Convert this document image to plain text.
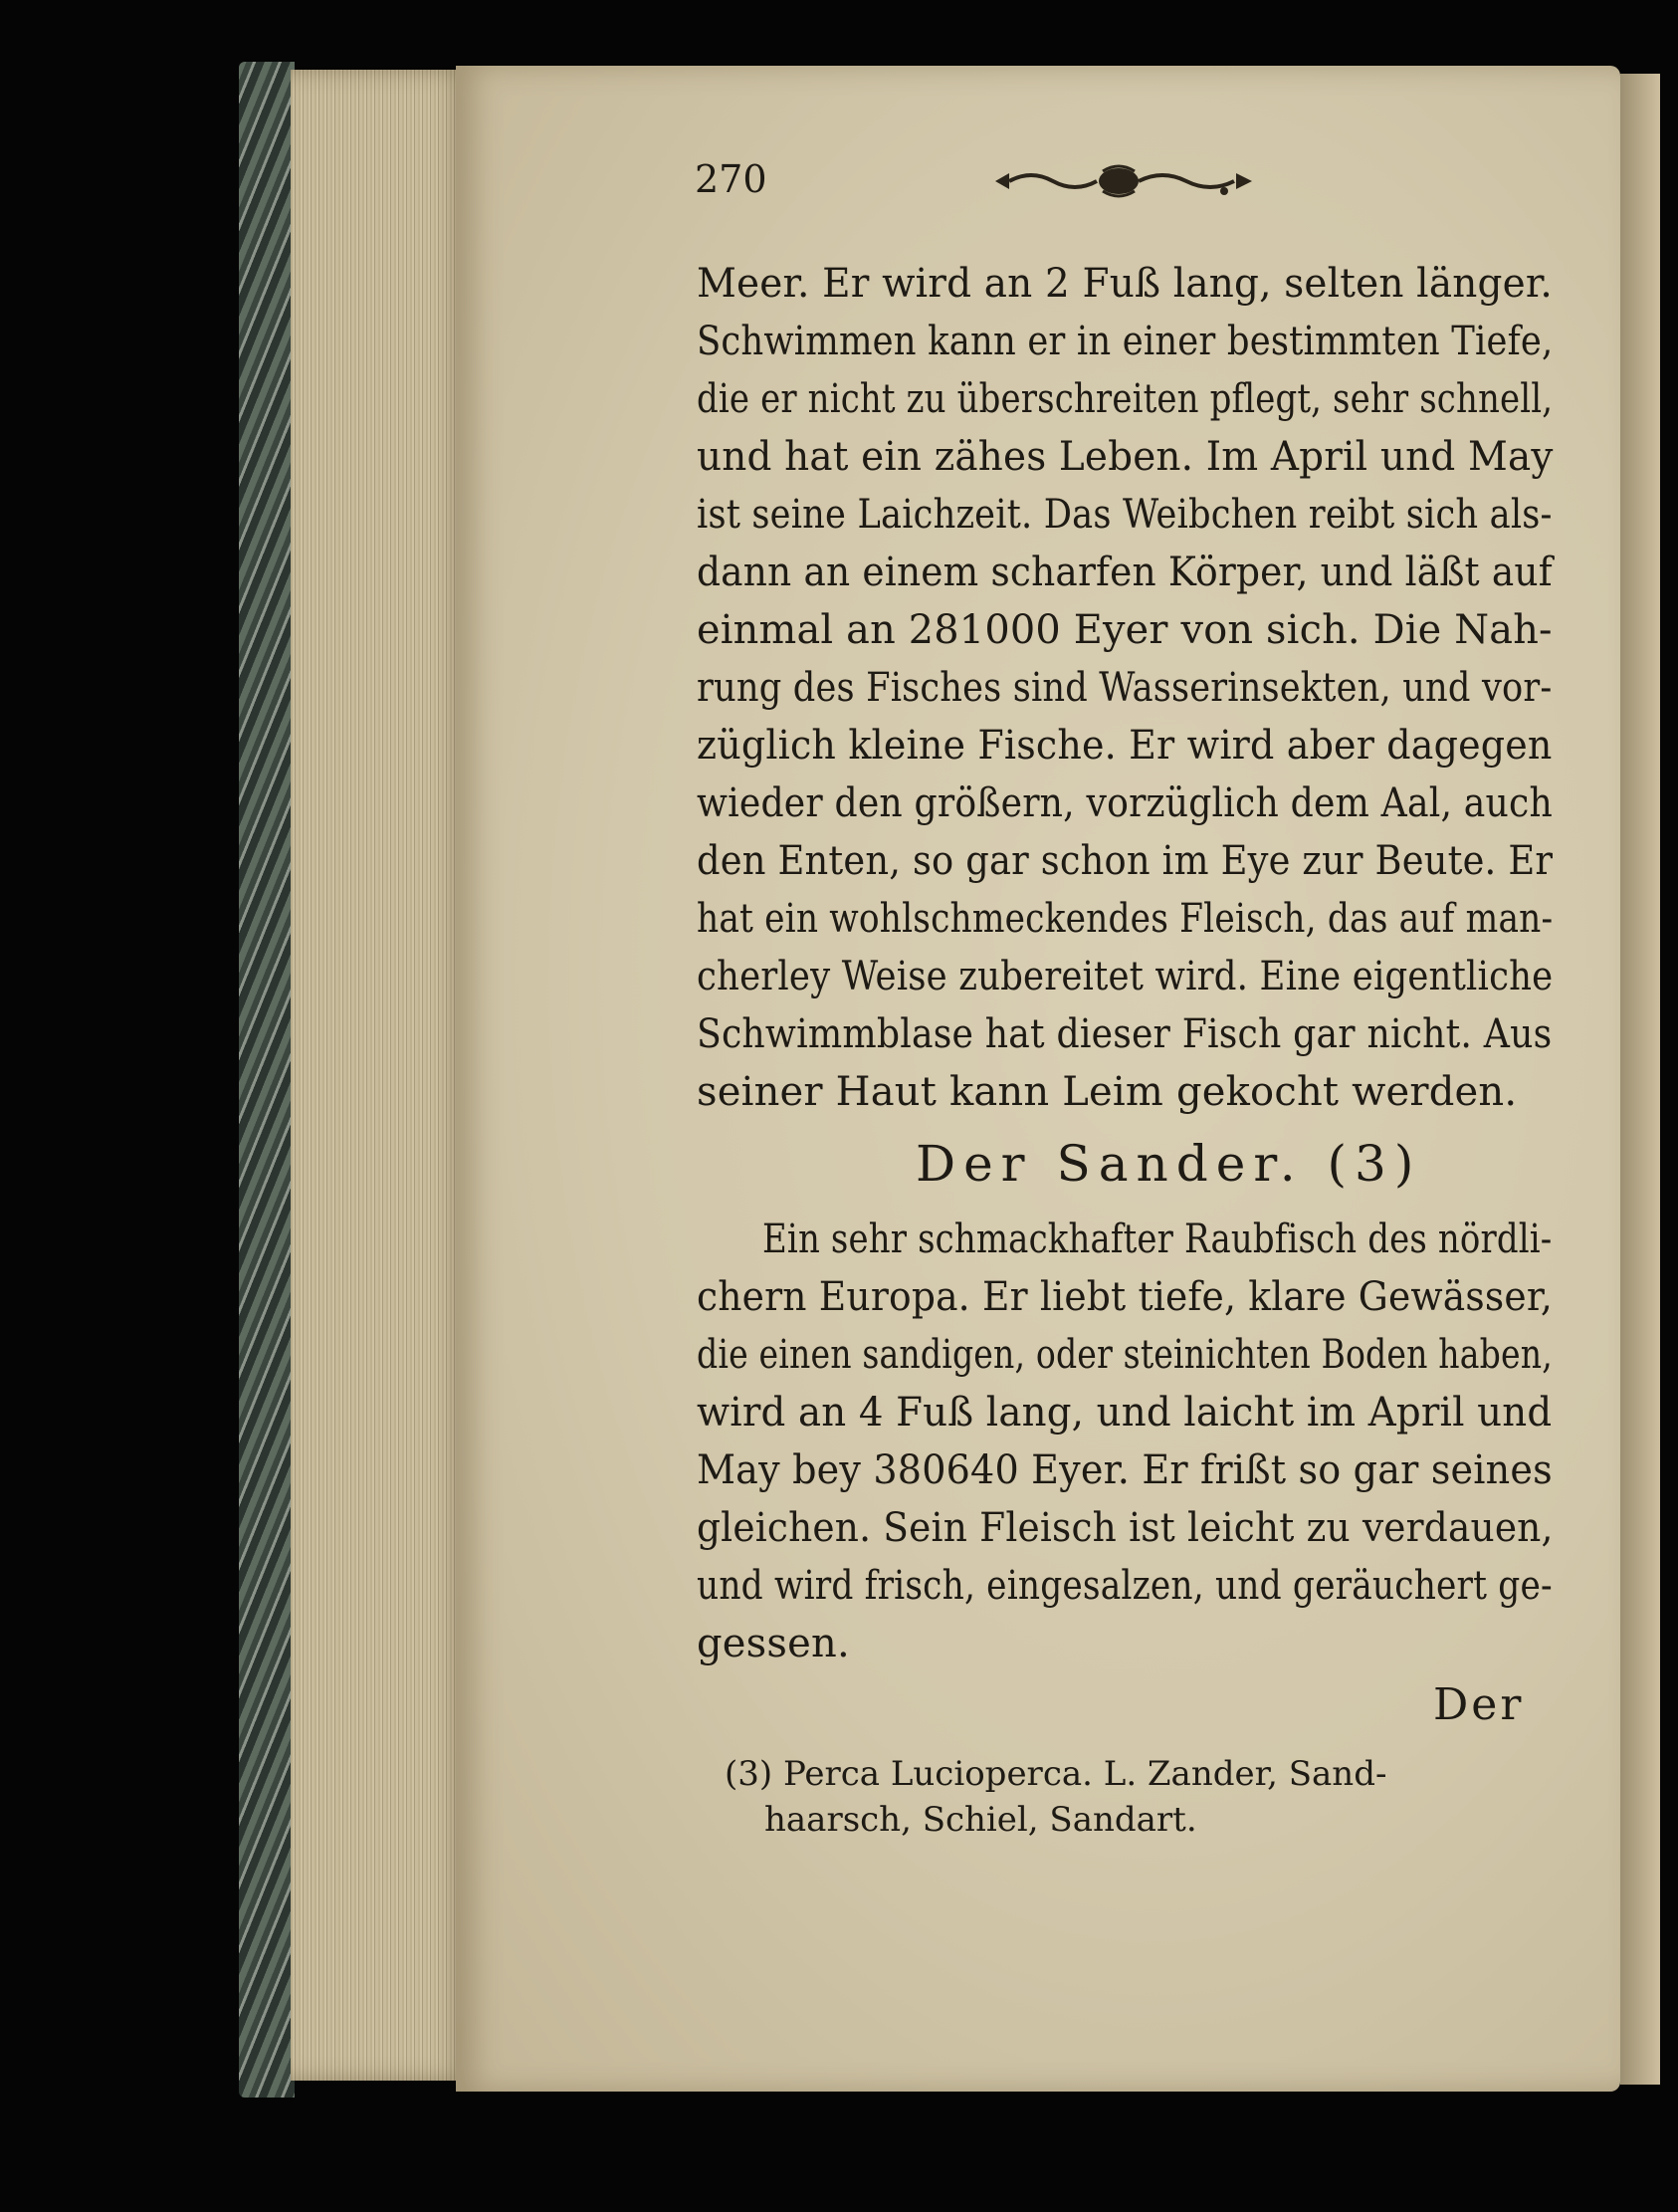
270
Meer. Er wird an 2 Fuß lang, selten länger.
Schwimmen kann er in einer bestimmten Tiefe,
die er nicht zu überschreiten pflegt, sehr schnell,
und hat ein zähes Leben. Im April und May
ist seine Laichzeit. Das Weibchen reibt sich als-
dann an einem scharfen Körper, und läßt auf
einmal an 281000 Eyer von sich. Die Nah-
rung des Fisches sind Wasserinsekten, und vor-
züglich kleine Fische. Er wird aber dagegen
wieder den größern, vorzüglich dem Aal, auch
den Enten, so gar schon im Eye zur Beute. Er
hat ein wohlschmeckendes Fleisch, das auf man-
cherley Weise zubereitet wird. Eine eigentliche
Schwimmblase hat dieser Fisch gar nicht. Aus
seiner Haut kann Leim gekocht werden.
Der Sander. (3)
Ein sehr schmackhafter Raubfisch des nördli-
chern Europa. Er liebt tiefe, klare Gewässer,
die einen sandigen, oder steinichten Boden haben,
wird an 4 Fuß lang, und laicht im April und
May bey 380640 Eyer. Er frißt so gar seines
gleichen. Sein Fleisch ist leicht zu verdauen,
und wird frisch, eingesalzen, und geräuchert ge-
gessen.
Der
(3) Perca Lucioperca. L. Zander, Sand-
haarsch, Schiel, Sandart.
